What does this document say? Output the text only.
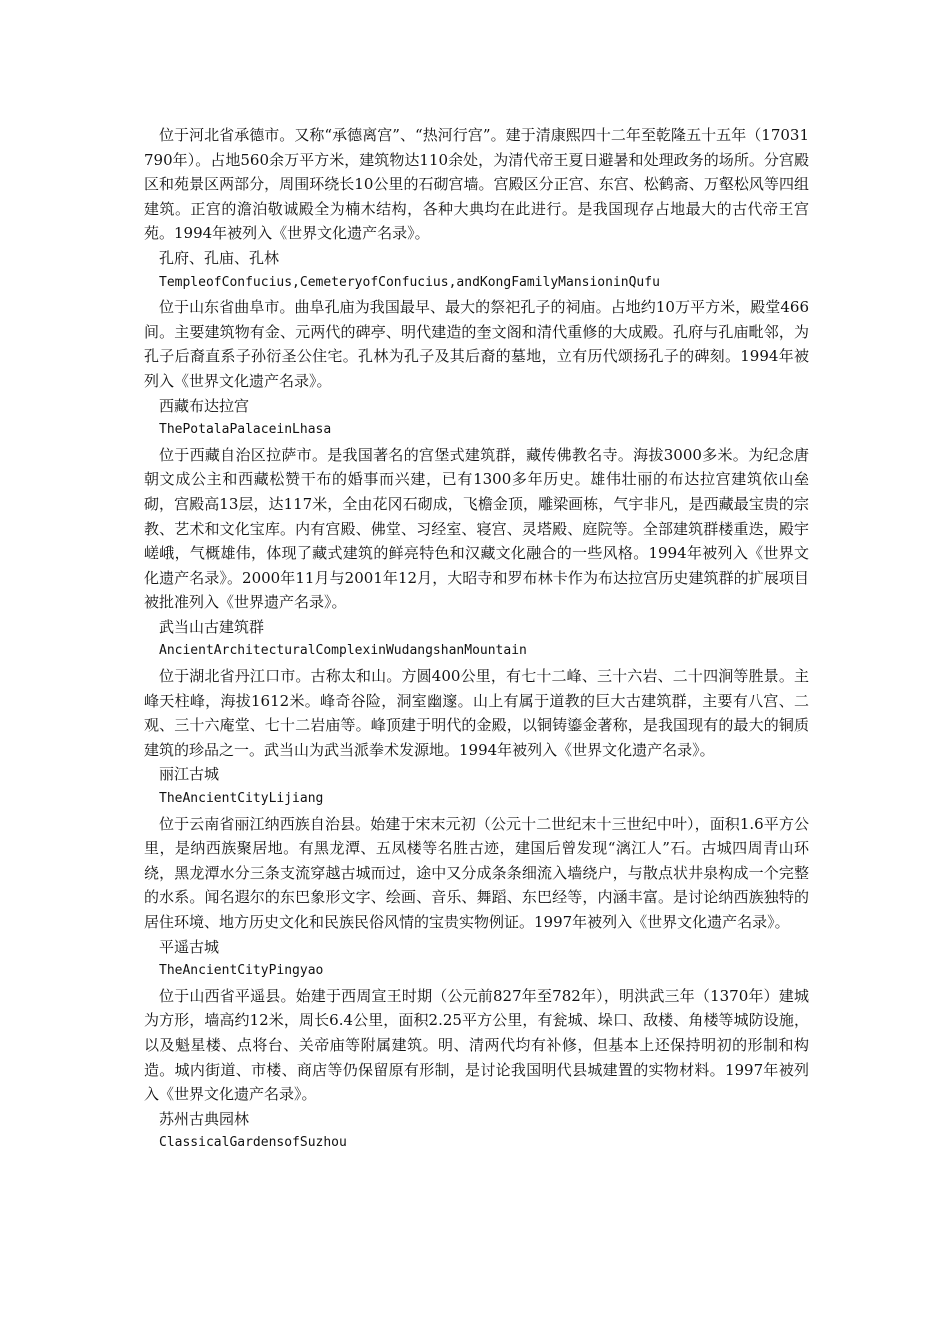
位于河北省承德市。又称“承德离宫”、“热河行宫”。建于清康熙四十二年至乾隆五十五年（17031790年）。占地560余万平方米，建筑物达110余处，为清代帝王夏日避暑和处理政务的场所。分宫殿区和苑景区两部分，周围环绕长10公里的石砌宫墙。宫殿区分正宫、东宫、松鹤斋、万壑松风等四组建筑。正宫的澹泊敬诚殿全为楠木结构，各种大典均在此进行。是我国现存占地最大的古代帝王宫苑。1994年被列入《世界文化遗产名录》。

孔府、孔庙、孔林

TempleofConfucius,CemeteryofConfucius,andKongFamilyMansioninQufu

位于山东省曲阜市。曲阜孔庙为我国最早、最大的祭祀孔子的祠庙。占地约10万平方米，殿堂466间。主要建筑物有金、元两代的碑亭、明代建造的奎文阁和清代重修的大成殿。孔府与孔庙毗邻，为孔子后裔直系子孙衍圣公住宅。孔林为孔子及其后裔的墓地，立有历代颂扬孔子的碑刻。1994年被列入《世界文化遗产名录》。

西藏布达拉宫

ThePotalaPalaceinLhasa

位于西藏自治区拉萨市。是我国著名的宫堡式建筑群，藏传佛教名寺。海拔3000多米。为纪念唐朝文成公主和西藏松赞干布的婚事而兴建，已有1300多年历史。雄伟壮丽的布达拉宫建筑依山垒砌，宫殿高13层，达117米，全由花冈石砌成，飞檐金顶，雕梁画栋，气宇非凡，是西藏最宝贵的宗教、艺术和文化宝库。内有宫殿、佛堂、习经室、寝宫、灵塔殿、庭院等。全部建筑群楼重迭，殿宇嵯峨，气概雄伟，体现了藏式建筑的鲜亮特色和汉藏文化融合的一些风格。1994年被列入《世界文化遗产名录》。2000年11月与2001年12月，大昭寺和罗布林卡作为布达拉宫历史建筑群的扩展项目被批准列入《世界遗产名录》。

武当山古建筑群

AncientArchitecturalComplexinWudangshanMountain

位于湖北省丹江口市。古称太和山。方圆400公里，有七十二峰、三十六岩、二十四涧等胜景。主峰天柱峰，海拔1612米。峰奇谷险，洞室幽邃。山上有属于道教的巨大古建筑群，主要有八宫、二观、三十六庵堂、七十二岩庙等。峰顶建于明代的金殿，以铜铸鎏金著称，是我国现有的最大的铜质建筑的珍品之一。武当山为武当派拳术发源地。1994年被列入《世界文化遗产名录》。

丽江古城

TheAncientCityLijiang

位于云南省丽江纳西族自治县。始建于宋末元初（公元十二世纪末十三世纪中叶），面积1.6平方公里，是纳西族聚居地。有黑龙潭、五凤楼等名胜古迹，建国后曾发现“漓江人”石。古城四周青山环绕，黑龙潭水分三条支流穿越古城而过，途中又分成条条细流入墙绕户，与散点状井泉构成一个完整的水系。闻名遐尔的东巴象形文字、绘画、音乐、舞蹈、东巴经等，内涵丰富。是讨论纳西族独特的居住环境、地方历史文化和民族民俗风情的宝贵实物例证。1997年被列入《世界文化遗产名录》。

平遥古城

TheAncientCityPingyao

位于山西省平遥县。始建于西周宣王时期（公元前827年至782年），明洪武三年（1370年）建城为方形，墙高约12米，周长6.4公里，面积2.25平方公里，有瓮城、垛口、敌楼、角楼等城防设施，以及魁星楼、点将台、关帝庙等附属建筑。明、清两代均有补修，但基本上还保持明初的形制和构造。城内街道、市楼、商店等仍保留原有形制，是讨论我国明代县城建置的实物材料。1997年被列入《世界文化遗产名录》。

苏州古典园林

ClassicalGardensofSuzhou
